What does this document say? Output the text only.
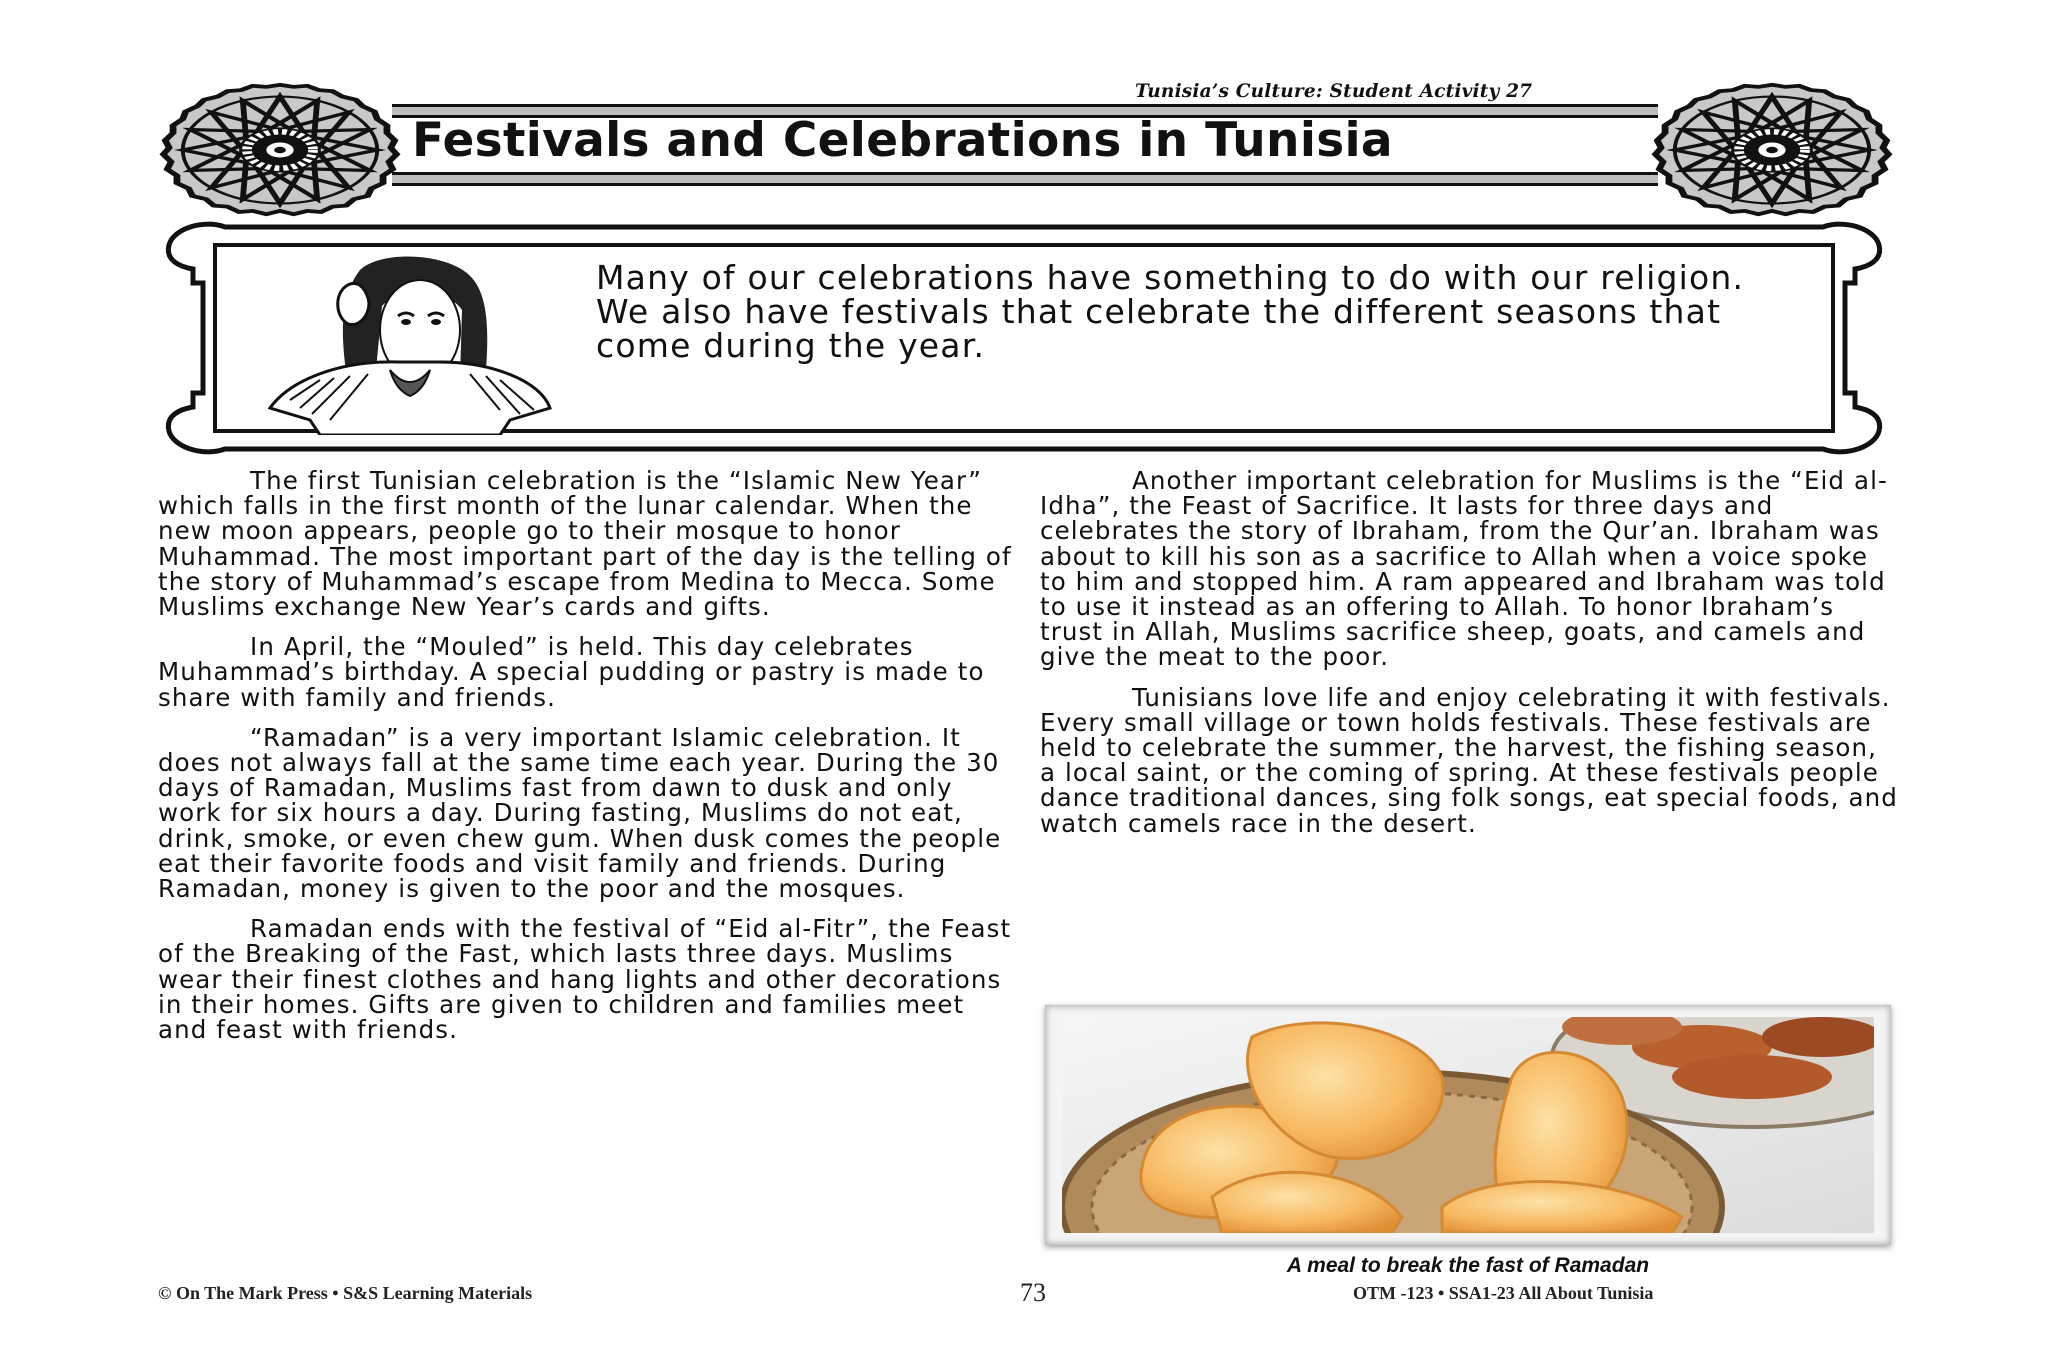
Tunisia’s Culture: Student Activity 27
Festivals and Celebrations in Tunisia
Many of our celebrations have something to do with our religion. We also have festivals that celebrate the different seasons that come during the year.

The first Tunisian celebration is the “Islamic New Year” which falls in the first month of the lunar calendar. When the new moon appears, people go to their mosque to honor Muhammad. The most important part of the day is the telling of the story of Muhammad’s escape from Medina to Mecca. Some Muslims exchange New Year’s cards and gifts.

In April, the “Mouled” is held. This day celebrates Muhammad’s birthday. A special pudding or pastry is made to share with family and friends.

“Ramadan” is a very important Islamic celebration. It does not always fall at the same time each year. During the 30 days of Ramadan, Muslims fast from dawn to dusk and only work for six hours a day. During fasting, Muslims do not eat, drink, smoke, or even chew gum. When dusk comes the people eat their favorite foods and visit family and friends. During Ramadan, money is given to the poor and the mosques.

Ramadan ends with the festival of “Eid al-Fitr”, the Feast of the Breaking of the Fast, which lasts three days. Muslims wear their finest clothes and hang lights and other decorations in their homes. Gifts are given to children and families meet and feast with friends.

Another important celebration for Muslims is the “Eid al-Idha”, the Feast of Sacrifice. It lasts for three days and celebrates the story of Ibraham, from the Qur’an. Ibraham was about to kill his son as a sacrifice to Allah when a voice spoke to him and stopped him. A ram appeared and Ibraham was told to use it instead as an offering to Allah. To honor Ibraham’s trust in Allah, Muslims sacrifice sheep, goats, and camels and give the meat to the poor.

Tunisians love life and enjoy celebrating it with festivals. Every small village or town holds festivals. These festivals are held to celebrate the summer, the harvest, the fishing season, a local saint, or the coming of spring. At these festivals people dance traditional dances, sing folk songs, eat special foods, and watch camels race in the desert.

A meal to break the fast of Ramadan
© On The Mark Press • S&S Learning Materials	73	OTM -123 • SSA1-23 All About Tunisia
